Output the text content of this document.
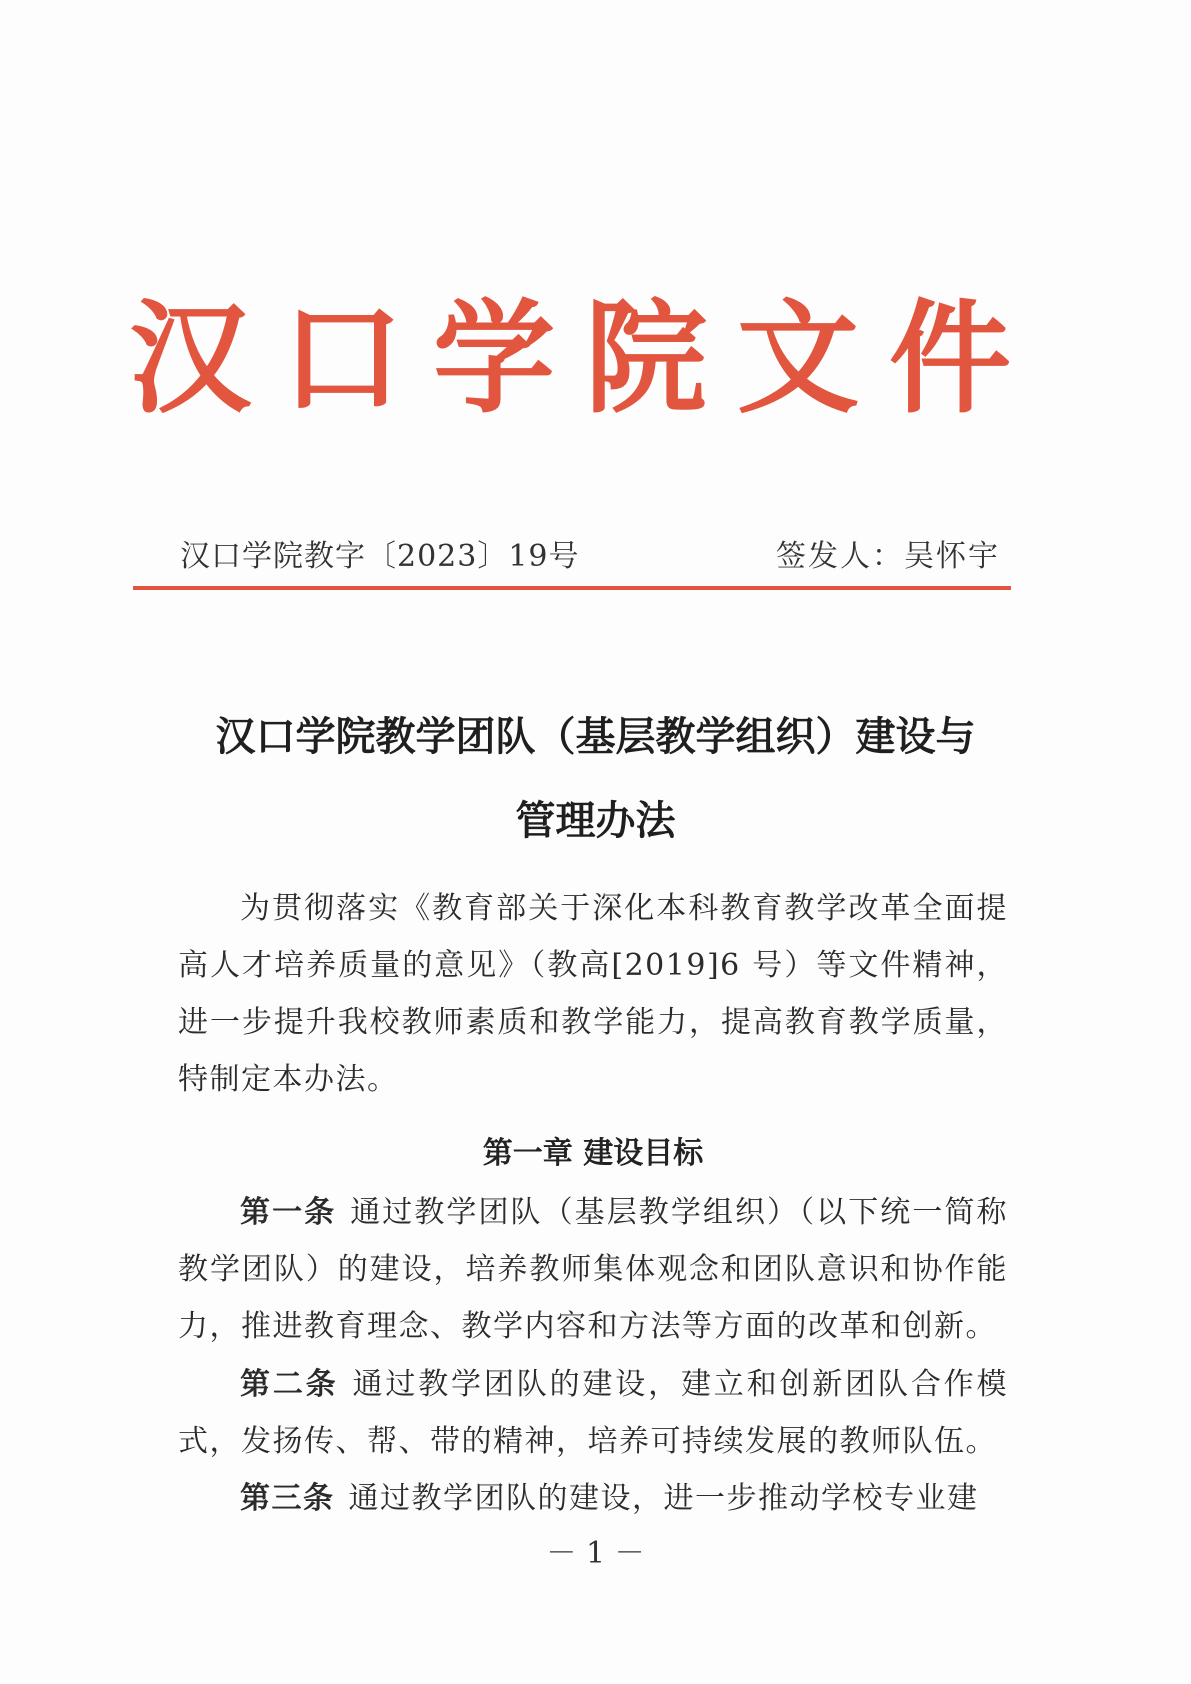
汉 口 学 院 文 件
汉口学院教字〔2023〕19号	签发人：吴怀宇
汉口学院教学团队（基层教学组织）建设与
管理办法
为贯彻落实《教育部关于深化本科教育教学改革全面提高人才培养质量的意见》（教高[2019]6 号）等文件精神，进一步提升我校教师素质和教学能力，提高教育教学质量，特制定本办法。
第一章 建设目标
第一条 通过教学团队（基层教学组织）（以下统一简称教学团队）的建设，培养教师集体观念和团队意识和协作能力，推进教育理念、教学内容和方法等方面的改革和创新。
第二条 通过教学团队的建设，建立和创新团队合作模式，发扬传、帮、带的精神，培养可持续发展的教师队伍。
第三条 通过教学团队的建设，进一步推动学校专业建
－ 1 －
